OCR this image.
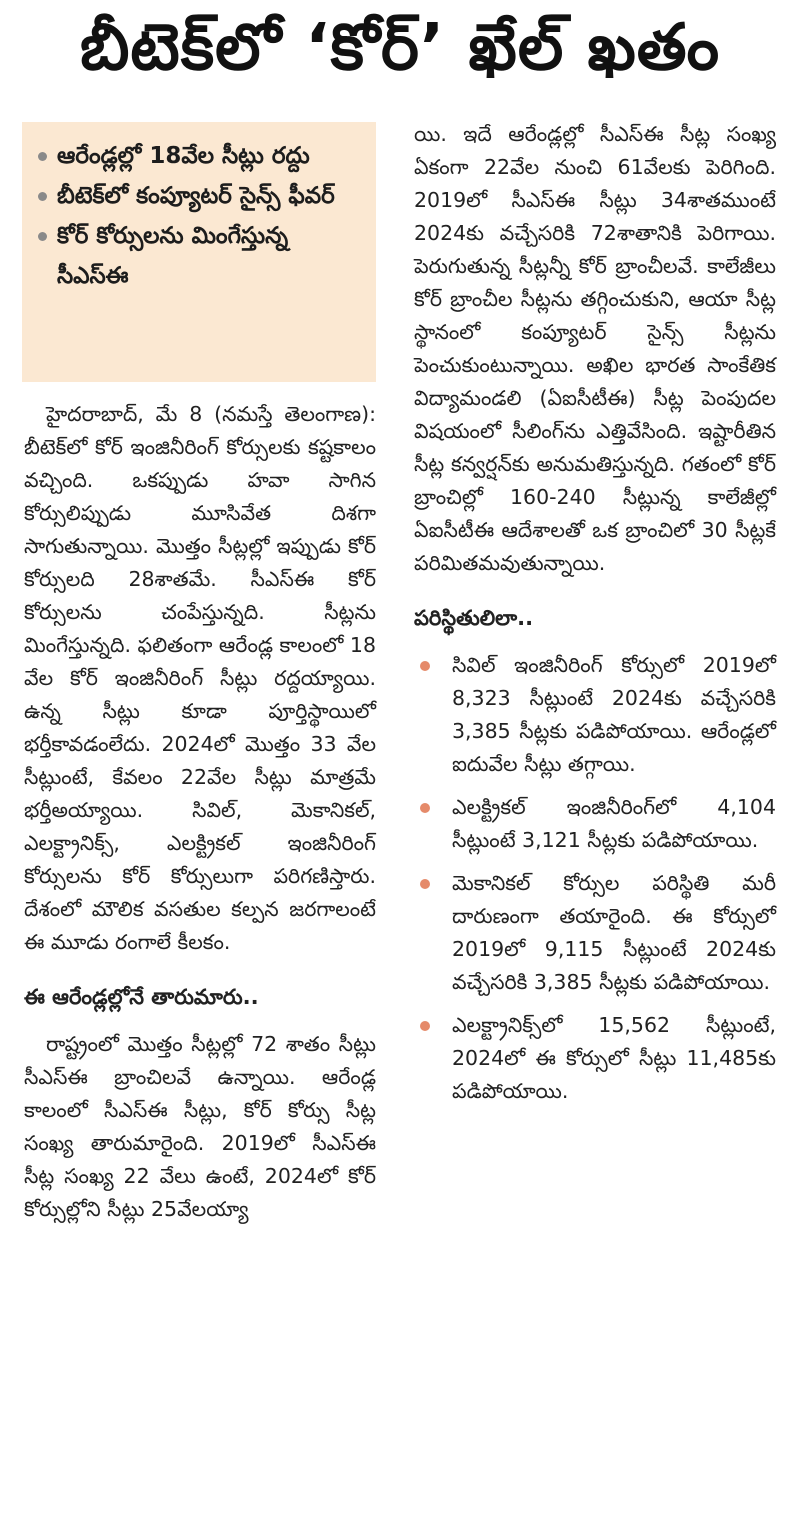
బీటెక్‌లో ‘కోర్‌’ ఖేల్‌ ఖతం
ఆరేండ్లల్లో 18వేల సీట్లు రద్దు
బీటెక్‌లో కంప్యూటర్‌ సైన్స్‌ ఫీవర్‌
కోర్‌ కోర్సులను మింగేస్తున్న సీఎస్‌ఈ

హైదరాబాద్‌, మే 8 (నమస్తే తెలంగాణ): బీటెక్‌లో కోర్‌ ఇంజినీరింగ్‌ కోర్సులకు కష్టకాలం వచ్చింది. ఒకప్పుడు హవా సాగిన కోర్సులిప్పుడు మూసివేత దిశగా సాగుతున్నాయి. మొత్తం సీట్లల్లో ఇప్పుడు కోర్‌ కోర్సులది 28శాతమే. సీఎస్‌ఈ కోర్‌ కోర్సులను చంపేస్తున్నది. సీట్లను మింగేస్తున్నది. ఫలితంగా ఆరేండ్ల కాలంలో 18 వేల కోర్‌ ఇంజినీరింగ్‌ సీట్లు రద్దయ్యాయి. ఉన్న సీట్లు కూడా పూర్తిస్థాయిలో భర్తీకావడంలేదు. 2024లో మొత్తం 33 వేల సీట్లుంటే, కేవలం 22వేల సీట్లు మాత్రమే భర్తీఅయ్యాయి. సివిల్‌, మెకానికల్‌, ఎలక్ట్రానిక్స్‌, ఎలక్ట్రికల్‌ ఇంజినీరింగ్‌ కోర్సులను కోర్‌ కోర్సులుగా పరిగణిస్తారు. దేశంలో మౌలిక వసతుల కల్పన జరగాలంటే ఈ మూడు రంగాలే కీలకం.

ఈ ఆరేండ్లల్లోనే తారుమారు..

రాష్ట్రంలో మొత్తం సీట్లల్లో 72 శాతం సీట్లు సీఎస్‌ఈ బ్రాంచిలవే ఉన్నాయి. ఆరేండ్ల కాలంలో సీఎస్‌ఈ సీట్లు, కోర్‌ కోర్సు సీట్ల సంఖ్య తారుమారైంది. 2019లో సీఎస్‌ఈ సీట్ల సంఖ్య 22 వేలు ఉంటే, 2024లో కోర్‌ కోర్సుల్లోని సీట్లు 25వేలయ్యా

యి. ఇదే ఆరేండ్లల్లో సీఎస్‌ఈ సీట్ల సంఖ్య ఏకంగా 22వేల నుంచి 61వేలకు పెరిగింది. 2019లో సీఎస్‌ఈ సీట్లు 34శాతముంటే 2024కు వచ్చేసరికి 72శాతానికి పెరిగాయి. పెరుగుతున్న సీట్లన్నీ కోర్‌ బ్రాంచీలవే. కాలేజీలు కోర్‌ బ్రాంచీల సీట్లను తగ్గించుకుని, ఆయా సీట్ల స్థానంలో కంప్యూటర్‌ సైన్స్‌ సీట్లను పెంచుకుంటున్నాయి. అఖిల భారత సాంకేతిక విద్యామండలి (ఏఐసీటీఈ) సీట్ల పెంపుదల విషయంలో సీలింగ్‌ను ఎత్తివేసింది. ఇష్టారీతిన సీట్ల కన్వర్షన్‌కు అనుమతిస్తున్నది. గతంలో కోర్‌ బ్రాంచిల్లో 160-240 సీట్లున్న కాలేజీల్లో ఏఐసీటీఈ ఆదేశాలతో ఒక బ్రాంచిలో 30 సీట్లకే పరిమితమవుతున్నాయి.

పరిస్థితులిలా..

సివిల్‌ ఇంజినీరింగ్‌ కోర్సులో 2019లో 8,323 సీట్లుంటే 2024కు వచ్చేసరికి 3,385 సీట్లకు పడిపోయాయి. ఆరేండ్లలో ఐదువేల సీట్లు తగ్గాయి.
ఎలక్ట్రికల్‌ ఇంజినీరింగ్‌లో 4,104 సీట్లుంటే 3,121 సీట్లకు పడిపోయాయి.
మెకానికల్‌ కోర్సుల పరిస్థితి మరీ దారుణంగా తయారైంది. ఈ కోర్సులో 2019లో 9,115 సీట్లుంటే 2024కు వచ్చేసరికి 3,385 సీట్లకు పడిపోయాయి.
ఎలక్ట్రానిక్స్‌లో 15,562 సీట్లుంటే, 2024లో ఈ కోర్సులో సీట్లు 11,485కు పడిపోయాయి.
